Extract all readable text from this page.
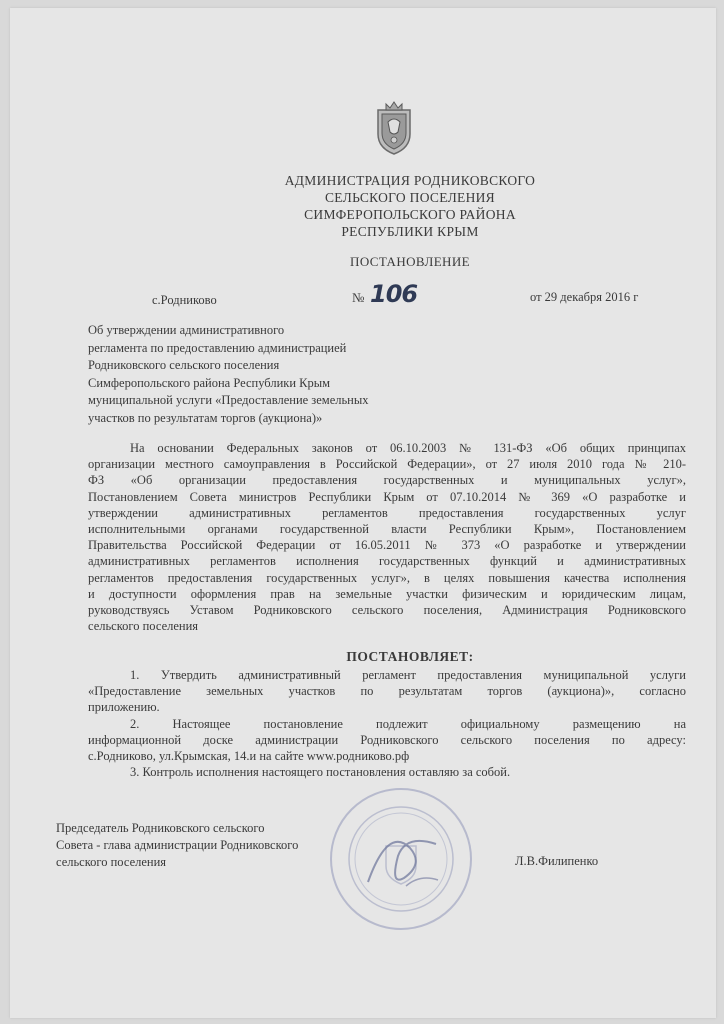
АДМИНИСТРАЦИЯ РОДНИКОВСКОГО
СЕЛЬСКОГО ПОСЕЛЕНИЯ
СИМФЕРОПОЛЬСКОГО РАЙОНА
РЕСПУБЛИКИ КРЫМ
ПОСТАНОВЛЕНИЕ
с.Родниково	№ 106	от 29 декабря 2016 г
Об утверждении административного
регламента по предоставлению администрацией
Родниковского сельского поселения
Симферопольского района Республики Крым
муниципальной услуги «Предоставление земельных
участков по результатам торгов (аукциона)»
На основании Федеральных законов от 06.10.2003 № 131-ФЗ «Об общих принципах
организации местного самоуправления в Российской Федерации», от 27 июля 2010 года № 210-
ФЗ «Об организации предоставления государственных и муниципальных услуг»,
Постановлением Совета министров Республики Крым от 07.10.2014 № 369 «О разработке и
утверждении административных регламентов предоставления государственных услуг
исполнительными органами государственной власти Республики Крым», Постановлением
Правительства Российской Федерации от 16.05.2011 № 373 «О разработке и утверждении
административных регламентов исполнения государственных функций и административных
регламентов предоставления государственных услуг», в целях повышения качества исполнения
и доступности оформления прав на земельные участки физическим и юридическим лицам,
руководствуясь Уставом Родниковского сельского поселения, Администрация Родниковского
сельского поселения
ПОСТАНОВЛЯЕТ:
1. Утвердить административный регламент предоставления муниципальной услуги
«Предоставление земельных участков по результатам торгов (аукциона)», согласно
приложению.
2. Настоящее постановление подлежит официальному размещению на
информационной доске администрации Родниковского сельского поселения по адресу:
с.Родниково, ул.Крымская, 14.и на сайте www.родниково.рф
3. Контроль исполнения настоящего постановления оставляю за собой.
Председатель Родниковского сельского
Совета - глава администрации Родниковского
сельского поселения	Л.В.Филипенко
